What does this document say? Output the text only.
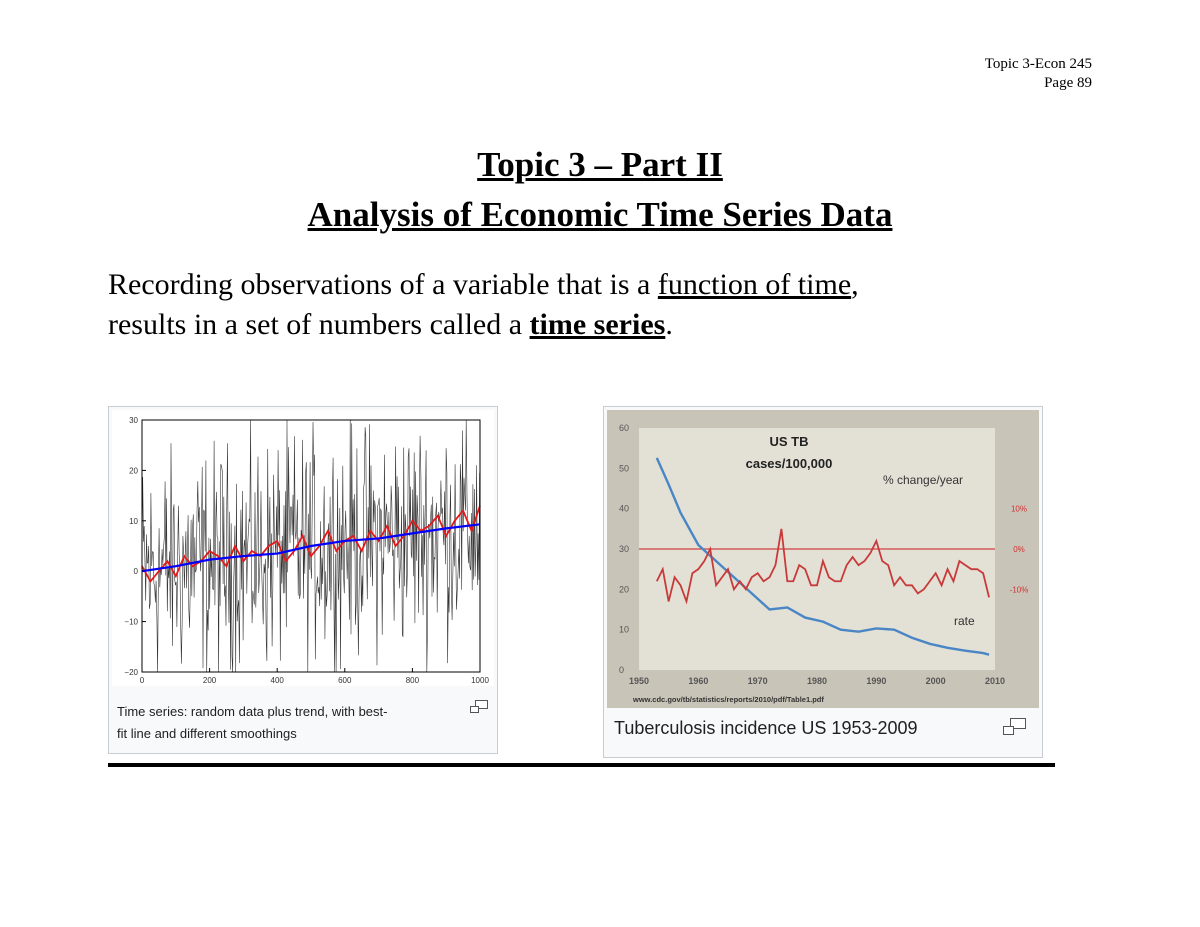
Topic 3-Econ 245
Page 89
Topic 3 – Part II
Analysis of Economic Time Series Data
Recording observations of a variable that is a function of time,
results in a set of numbers called a time series.
0	200	400	600	800	1000
30
20
10
0
−10
−20
Time series: random data plus trend, with best-
fit line and different smoothings
1950	1960	1970	1980	1990	2000	2010
60
50
40
30
20
10
0
10%
0%
-10%
US TB
cases/100,000
% change/year
rate
www.cdc.gov/tb/statistics/reports/2010/pdf/Table1.pdf
Tuberculosis incidence US 1953-2009
